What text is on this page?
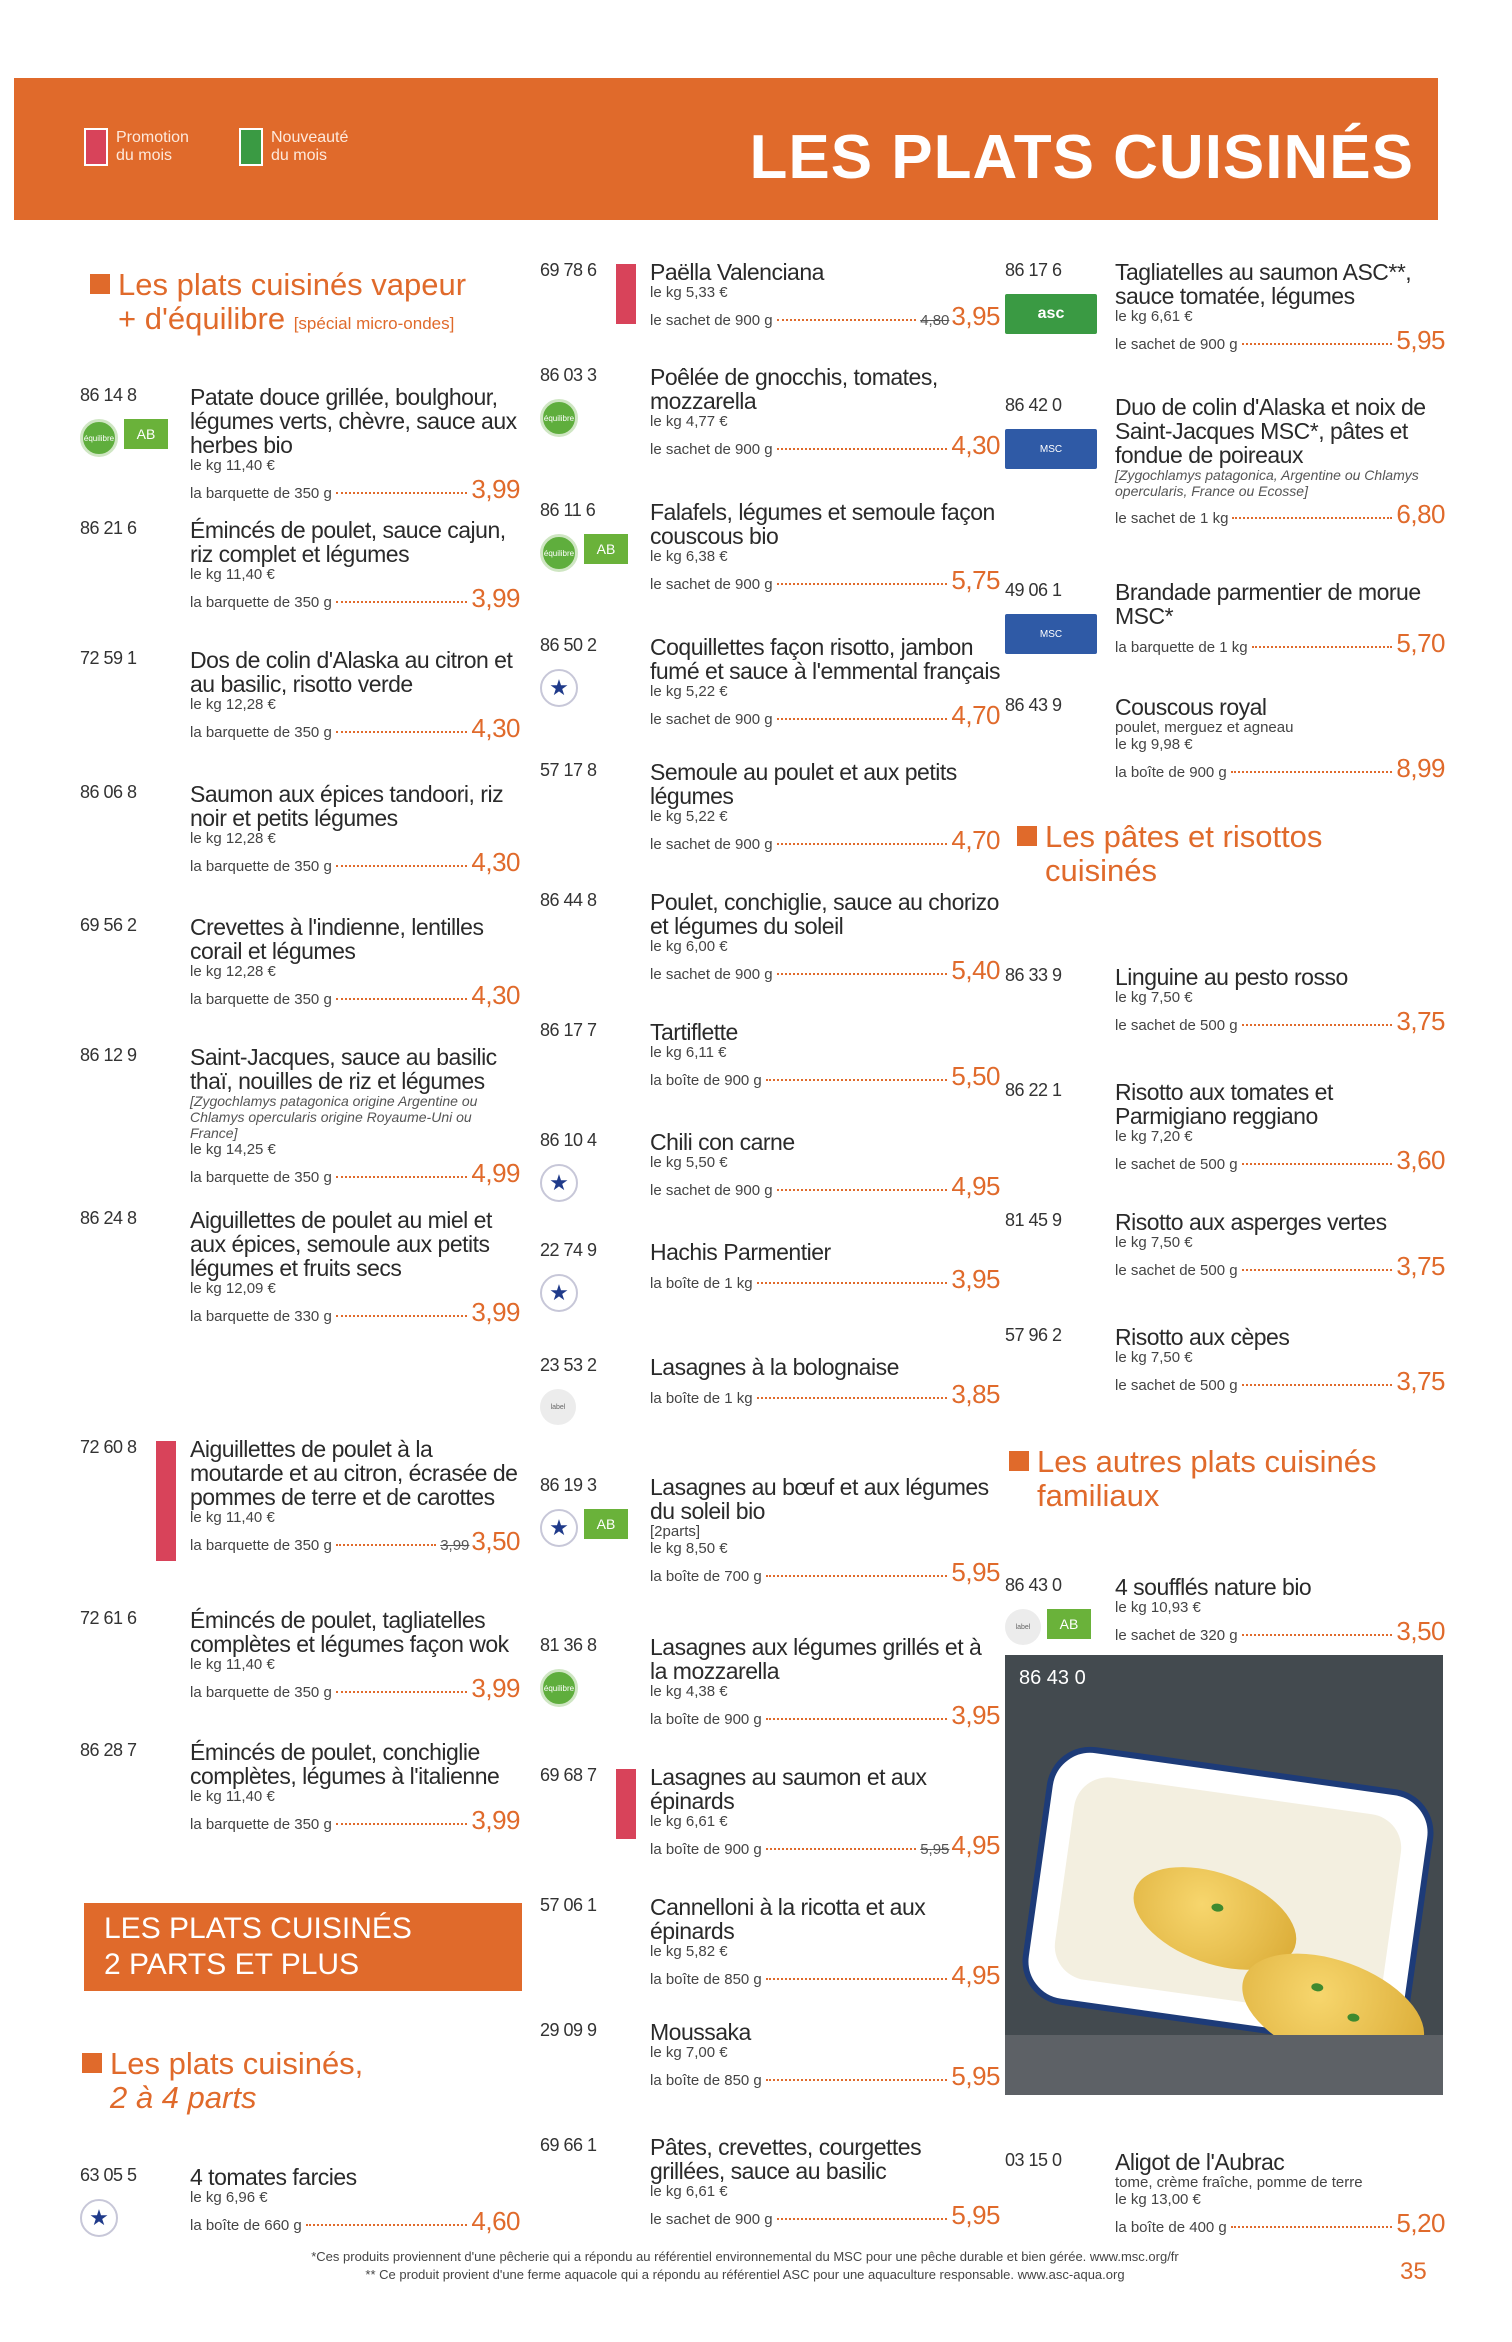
Promotion du mois
Nouveauté du mois	LES PLATS CUISINÉS
Les plats cuisinés vapeur
+ d'équilibre [spécial micro-ondes]
LES PLATS CUISINÉS
2 PARTS ET PLUS
Les plats cuisinés,
2 à 4 parts
86 14 8
équilibre	AB
Patate douce grillée, boulghour, légumes verts, chèvre, sauce aux herbes bio
le kg 11,40 €
la barquette de 350 g	3,99
86 21 6 Émincés de poulet, sauce cajun, riz complet et légumes
le kg 11,40 €
la barquette de 350 g	3,99
72 59 1 Dos de colin d'Alaska au citron et au basilic, risotto verde
le kg 12,28 €
la barquette de 350 g	4,30
86 06 8 Saumon aux épices tandoori, riz noir et petits légumes
le kg 12,28 €
la barquette de 350 g	4,30
69 56 2 Crevettes à l'indienne, lentilles corail et légumes
le kg 12,28 €
la barquette de 350 g	4,30
86 12 9 Saint-Jacques, sauce au basilic thaï, nouilles de riz et légumes
[Zygochlamys patagonica origine Argentine ou Chlamys opercularis origine Royaume-Uni ou France]
le kg 14,25 €
la barquette de 350 g	4,99
86 24 8 Aiguillettes de poulet au miel et aux épices, semoule aux petits légumes et fruits secs
le kg 12,09 €
la barquette de 330 g	3,99
72 60 8 Aiguillettes de poulet à la moutarde et au citron, écrasée de pommes de terre et de carottes
le kg 11,40 €
la barquette de 350 g	3,99 3,50
72 61 6 Émincés de poulet, tagliatelles complètes et légumes façon wok
le kg 11,40 €
la barquette de 350 g	3,99
86 28 7 Émincés de poulet, conchiglie complètes, légumes à l'italienne
le kg 11,40 €
la barquette de 350 g	3,99
63 05 5
★
4 tomates farcies
le kg 6,96 €
la boîte de 660 g	4,60
69 78 6 Paëlla Valenciana
le kg 5,33 €
le sachet de 900 g	4,80 3,95
86 03 3
équilibre
Poêlée de gnocchis, tomates, mozzarella
le kg 4,77 €
le sachet de 900 g	4,30
86 11 6
équilibre	AB
Falafels, légumes et semoule façon couscous bio
le kg 6,38 €
le sachet de 900 g	5,75
86 50 2
★
Coquillettes façon risotto, jambon fumé et sauce à l'emmental français
le kg 5,22 €
le sachet de 900 g	4,70
57 17 8 Semoule au poulet et aux petits légumes
le kg 5,22 €
le sachet de 900 g	4,70
86 44 8 Poulet, conchiglie, sauce au chorizo et légumes du soleil
le kg 6,00 €
le sachet de 900 g	5,40
86 17 7 Tartiflette
le kg 6,11 €
la boîte de 900 g	5,50
86 10 4
★
Chili con carne
le kg 5,50 €
le sachet de 900 g	4,95
22 74 9
★
Hachis Parmentier
la boîte de 1 kg	3,95
23 53 2
label
Lasagnes à la bolognaise
la boîte de 1 kg	3,85
86 19 3
★	AB
Lasagnes au bœuf et aux légumes du soleil bio
[2parts]
le kg 8,50 €
la boîte de 700 g	5,95
81 36 8
équilibre
Lasagnes aux légumes grillés et à la mozzarella
le kg 4,38 €
la boîte de 900 g	3,95
69 68 7 Lasagnes au saumon et aux épinards
le kg 6,61 €
la boîte de 900 g	5,95 4,95
57 06 1 Cannelloni à la ricotta et aux épinards
le kg 5,82 €
la boîte de 850 g	4,95
29 09 9 Moussaka
le kg 7,00 €
la boîte de 850 g	5,95
69 66 1 Pâtes, crevettes, courgettes grillées, sauce au basilic
le kg 6,61 €
le sachet de 900 g	5,95
Les pâtes et risottos
cuisinés
Les autres plats cuisinés
familiaux
86 17 6
asc
Tagliatelles au saumon ASC**, sauce tomatée, légumes
le kg 6,61 €
le sachet de 900 g	5,95
86 42 0
MSC
Duo de colin d'Alaska et noix de Saint-Jacques MSC*, pâtes et fondue de poireaux
[Zygochlamys patagonica, Argentine ou Chlamys opercularis, France ou Ecosse]
le sachet de 1 kg	6,80
49 06 1
MSC
Brandade parmentier de morue MSC*
la barquette de 1 kg	5,70
86 43 9 Couscous royal
poulet, merguez et agneau
le kg 9,98 €
la boîte de 900 g	8,99
86 33 9 Linguine au pesto rosso
le kg 7,50 €
le sachet de 500 g	3,75
86 22 1 Risotto aux tomates et Parmigiano reggiano
le kg 7,20 €
le sachet de 500 g	3,60
81 45 9 Risotto aux asperges vertes
le kg 7,50 €
le sachet de 500 g	3,75
57 96 2 Risotto aux cèpes
le kg 7,50 €
le sachet de 500 g	3,75
86 43 0
label	AB
4 soufflés nature bio
le kg 10,93 €
le sachet de 320 g	3,50
03 15 0 Aligot de l'Aubrac
tome, crème fraîche, pomme de terre
le kg 13,00 €
la boîte de 400 g	5,20
86 43 0
*Ces produits proviennent d'une pêcherie qui a répondu au référentiel environnemental du MSC pour une pêche durable et bien gérée. www.msc.org/fr
** Ce produit provient d'une ferme aquacole qui a répondu au référentiel ASC pour une aquaculture responsable. www.asc-aqua.org	35
